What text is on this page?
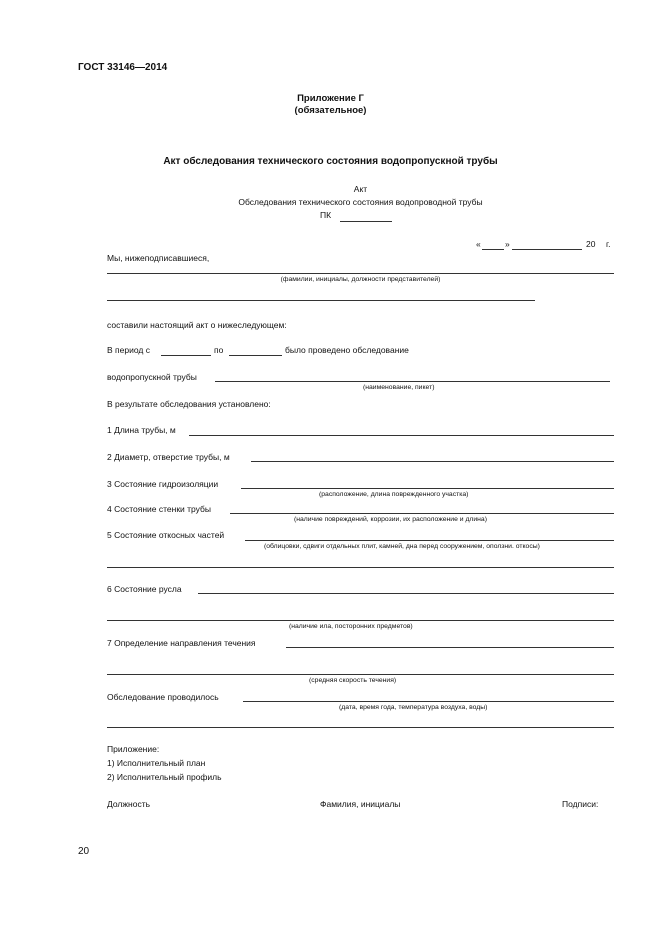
ГОСТ 33146—2014
Приложение Г
(обязательное)
Акт обследования технического состояния водопропускной трубы
Акт
Обследования технического состояния водопроводной трубы
ПК
«	»	20 г.
Мы, нижеподписавшиеся,
(фамилии, инициалы, должности представителей)
составили настоящий акт о нижеследующем:
В период с	по	было проведено обследование
водопропускной трубы
(наименование, пикет)
В результате обследования установлено:
1 Длина трубы, м
2 Диаметр, отверстие трубы, м
3 Состояние гидроизоляции
(расположение, длина поврежденного участка)
4 Состояние стенки трубы
(наличие повреждений, коррозии, их расположение и длина)
5 Состояние откосных частей
(облицовки, сдвиги отдельных плит, камней, дна перед сооружением, оползни. откосы)
6 Состояние русла
(наличие ила, посторонних предметов)
7 Определение направления течения
(средняя скорость течения)
Обследование проводилось
(дата, время года, температура воздуха, воды)
Приложение:
1) Исполнительный план
2) Исполнительный профиль
Должность	Фамилия, инициалы	Подписи:
20
